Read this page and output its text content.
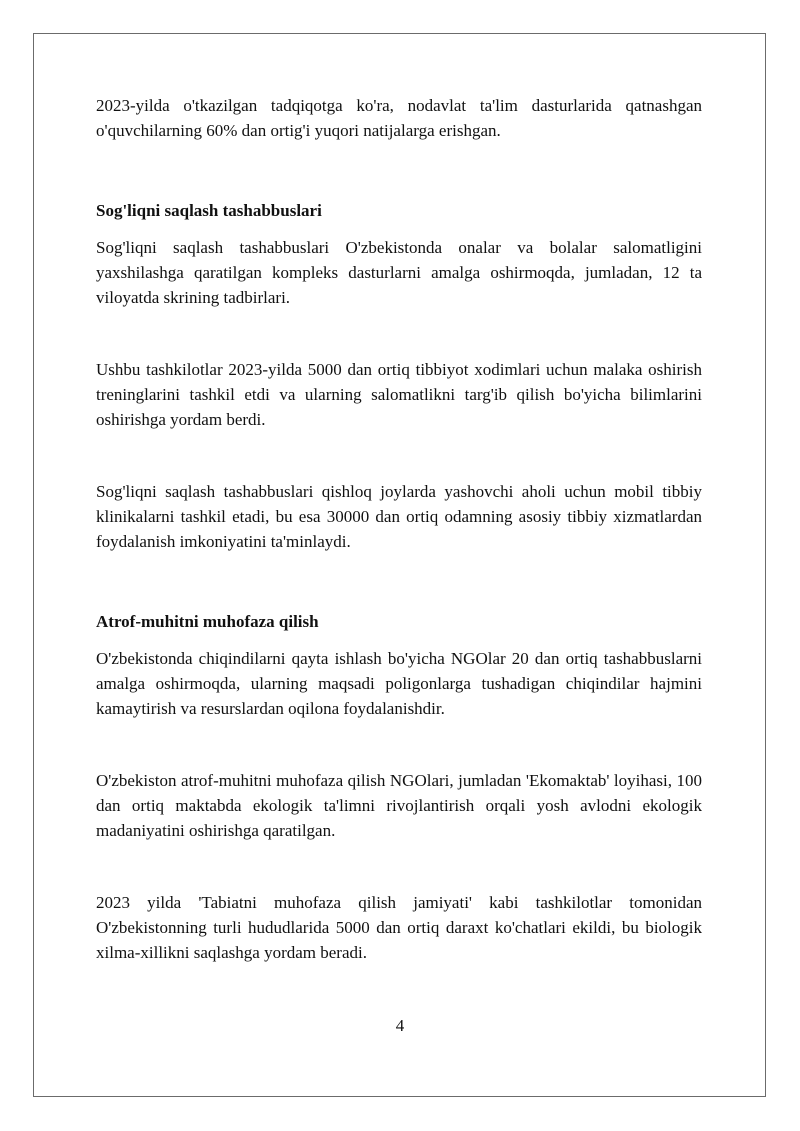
2023-yilda o'tkazilgan tadqiqotga ko'ra, nodavlat ta'lim dasturlarida qatnashgan o'quvchilarning 60% dan ortig'i yuqori natijalarga erishgan.

Sog'liqni saqlash tashabbuslari

Sog'liqni saqlash tashabbuslari O'zbekistonda onalar va bolalar salomatligini yaxshilashga qaratilgan kompleks dasturlarni amalga oshirmoqda, jumladan, 12 ta viloyatda skrining tadbirlari.

Ushbu tashkilotlar 2023-yilda 5000 dan ortiq tibbiyot xodimlari uchun malaka oshirish treninglarini tashkil etdi va ularning salomatlikni targ'ib qilish bo'yicha bilimlarini oshirishga yordam berdi.

Sog'liqni saqlash tashabbuslari qishloq joylarda yashovchi aholi uchun mobil tibbiy klinikalarni tashkil etadi, bu esa 30000 dan ortiq odamning asosiy tibbiy xizmatlardan foydalanish imkoniyatini ta'minlaydi.

Atrof-muhitni muhofaza qilish

O'zbekistonda chiqindilarni qayta ishlash bo'yicha NGOlar 20 dan ortiq tashabbuslarni amalga oshirmoqda, ularning maqsadi poligonlarga tushadigan chiqindilar hajmini kamaytirish va resurslardan oqilona foydalanishdir.

O'zbekiston atrof-muhitni muhofaza qilish NGOlari, jumladan 'Ekomaktab' loyihasi, 100 dan ortiq maktabda ekologik ta'limni rivojlantirish orqali yosh avlodni ekologik madaniyatini oshirishga qaratilgan.

2023 yilda 'Tabiatni muhofaza qilish jamiyati' kabi tashkilotlar tomonidan O'zbekistonning turli hududlarida 5000 dan ortiq daraxt ko'chatlari ekildi, bu biologik xilma-xillikni saqlashga yordam beradi.

4
